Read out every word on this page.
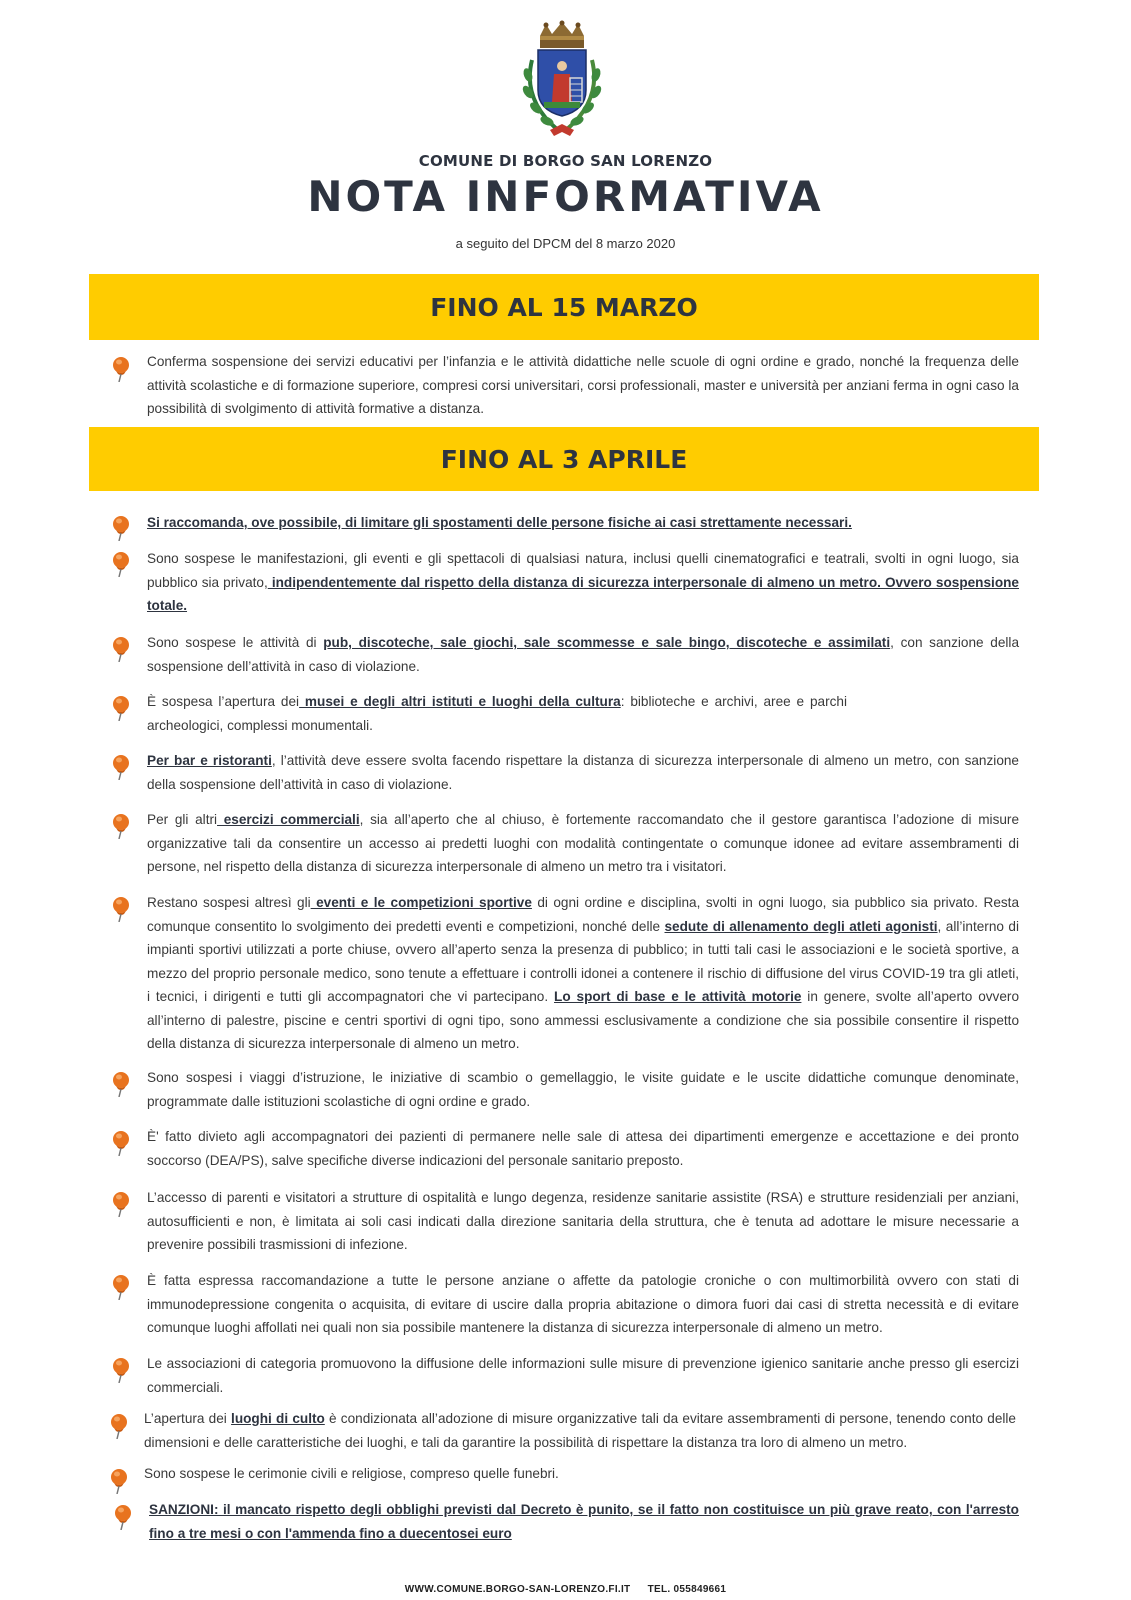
COMUNE DI BORGO SAN LORENZO
NOTA INFORMATIVA
a seguito del DPCM del 8 marzo 2020
FINO AL 15 MARZO
FINO AL 3 APRILE
Conferma sospensione dei servizi educativi per l’infanzia e le attività didattiche nelle scuole di ogni ordine e grado, nonché la frequenza delle attività scolastiche e di formazione superiore, compresi corsi universitari, corsi professionali, master e università per anziani ferma in ogni caso la possibilità di svolgimento di attività formative a distanza.
Si raccomanda, ove possibile, di limitare gli spostamenti delle persone fisiche ai casi strettamente necessari.
Sono sospese le manifestazioni, gli eventi e gli spettacoli di qualsiasi natura, inclusi quelli cinematografici e teatrali, svolti in ogni luogo, sia pubblico sia privato, indipendentemente dal rispetto della distanza di sicurezza interpersonale di almeno un metro. Ovvero sospensione totale.
Sono sospese le attività di pub, discoteche, sale giochi, sale scommesse e sale bingo, discoteche e assimilati, con sanzione della sospensione dell’attività in caso di violazione.
È sospesa l’apertura dei musei e degli altri istituti e luoghi della cultura: biblioteche e archivi, aree e parchi archeologici, complessi monumentali.
Per bar e ristoranti, l’attività deve essere svolta facendo rispettare la distanza di sicurezza interpersonale di almeno un metro, con sanzione della sospensione dell’attività in caso di violazione.
Per gli altri esercizi commerciali, sia all’aperto che al chiuso, è fortemente raccomandato che il gestore garantisca l’adozione di misure organizzative tali da consentire un accesso ai predetti luoghi con modalità contingentate o comunque idonee ad evitare assembramenti di persone, nel rispetto della distanza di sicurezza interpersonale di almeno un metro tra i visitatori.
Restano sospesi altresì gli eventi e le competizioni sportive di ogni ordine e disciplina, svolti in ogni luogo, sia pubblico sia privato. Resta comunque consentito lo svolgimento dei predetti eventi e competizioni, nonché delle sedute di allenamento degli atleti agonisti, all’interno di impianti sportivi utilizzati a porte chiuse, ovvero all’aperto senza la presenza di pubblico; in tutti tali casi le associazioni e le società sportive, a mezzo del proprio personale medico, sono tenute a effettuare i controlli idonei a contenere il rischio di diffusione del virus COVID-19 tra gli atleti, i tecnici, i dirigenti e tutti gli accompagnatori che vi partecipano. Lo sport di base e le attività motorie in genere, svolte all’aperto ovvero all’interno di palestre, piscine e centri sportivi di ogni tipo, sono ammessi esclusivamente a condizione che sia possibile consentire il rispetto della distanza di sicurezza interpersonale di almeno un metro.
Sono sospesi i viaggi d’istruzione, le iniziative di scambio o gemellaggio, le visite guidate e le uscite didattiche comunque denominate, programmate dalle istituzioni scolastiche di ogni ordine e grado.
È' fatto divieto agli accompagnatori dei pazienti di permanere nelle sale di attesa dei dipartimenti emergenze e accettazione e dei pronto soccorso (DEA/PS), salve specifiche diverse indicazioni del personale sanitario preposto.
L’accesso di parenti e visitatori a strutture di ospitalità e lungo degenza, residenze sanitarie assistite (RSA) e strutture residenziali per anziani, autosufficienti e non, è limitata ai soli casi indicati dalla direzione sanitaria della struttura, che è tenuta ad adottare le misure necessarie a prevenire possibili trasmissioni di infezione.
È fatta espressa raccomandazione a tutte le persone anziane o affette da patologie croniche o con multimorbilità ovvero con stati di immunodepressione congenita o acquisita, di evitare di uscire dalla propria abitazione o dimora fuori dai casi di stretta necessità e di evitare comunque luoghi affollati nei quali non sia possibile mantenere la distanza di sicurezza interpersonale di almeno un metro.
Le associazioni di categoria promuovono la diffusione delle informazioni sulle misure di prevenzione igienico sanitarie anche presso gli esercizi commerciali.
L’apertura dei luoghi di culto è condizionata all’adozione di misure organizzative tali da evitare assembramenti di persone, tenendo conto delle dimensioni e delle caratteristiche dei luoghi, e tali da garantire la possibilità di rispettare la distanza tra loro di almeno un metro.
Sono sospese le cerimonie civili e religiose, compreso quelle funebri.
SANZIONI: il mancato rispetto degli obblighi previsti dal Decreto è punito, se il fatto non costituisce un più grave reato, con l'arresto fino a tre mesi o con l'ammenda fino a duecentosei euro
WWW.COMUNE.BORGO-SAN-LORENZO.FI.IT TEL. 055849661
